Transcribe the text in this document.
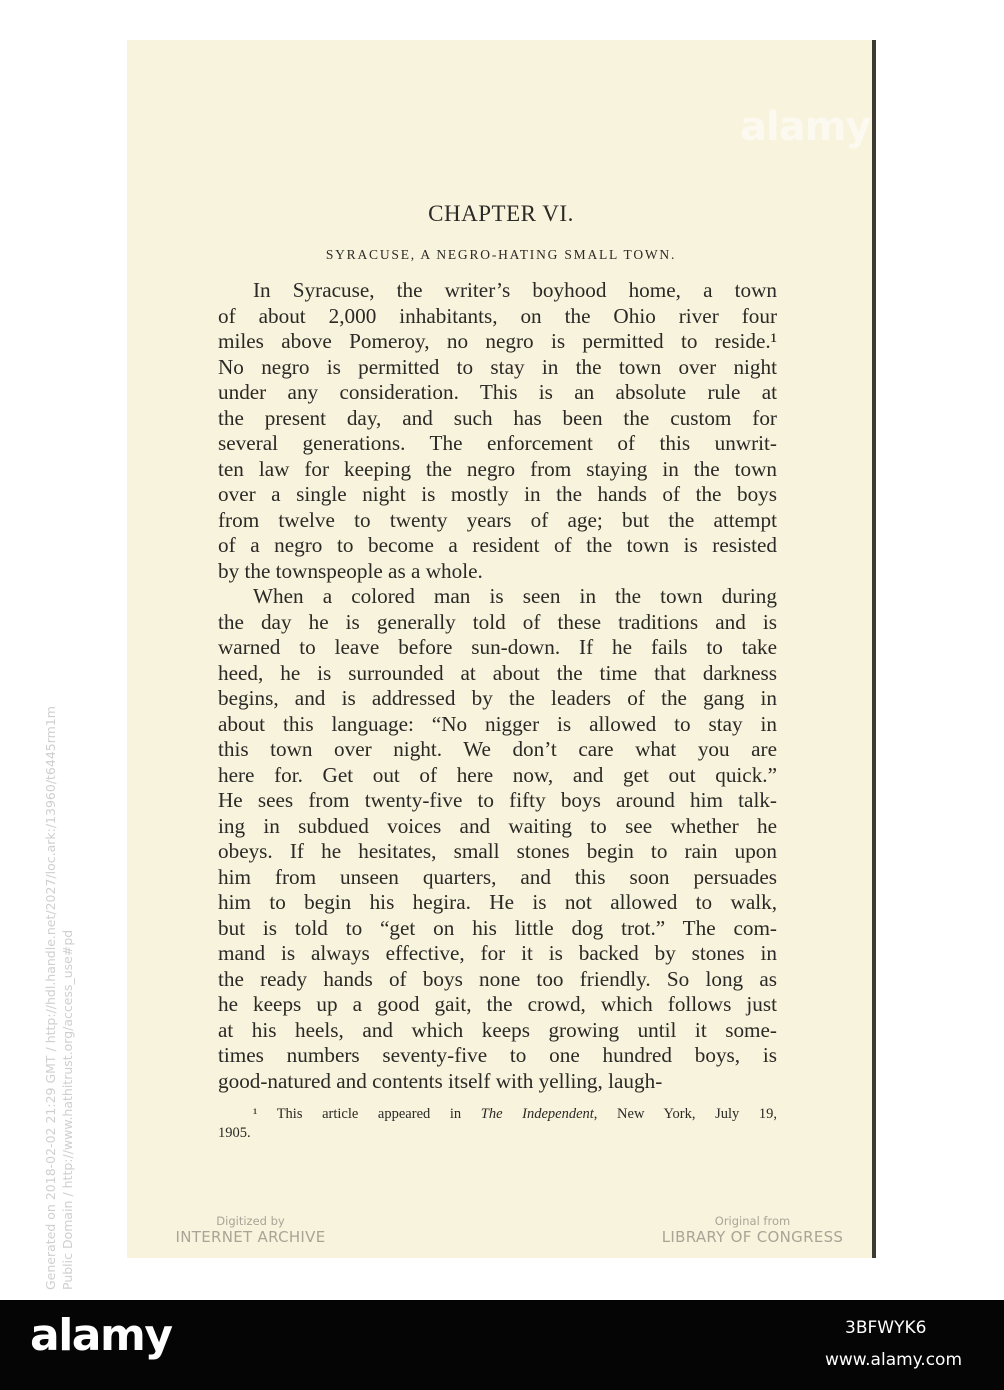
CHAPTER VI.
SYRACUSE, A NEGRO-HATING SMALL TOWN.
In Syracuse, the writer’s boyhood home, a town
of about 2,000 inhabitants, on the Ohio river four
miles above Pomeroy, no negro is permitted to reside.¹
No negro is permitted to stay in the town over night
under any consideration. This is an absolute rule at
the present day, and such has been the custom for
several generations. The enforcement of this unwrit-
ten law for keeping the negro from staying in the town
over a single night is mostly in the hands of the boys
from twelve to twenty years of age; but the attempt
of a negro to become a resident of the town is resisted
by the townspeople as a whole.
When a colored man is seen in the town during
the day he is generally told of these traditions and is
warned to leave before sun-down. If he fails to take
heed, he is surrounded at about the time that darkness
begins, and is addressed by the leaders of the gang in
about this language: “No nigger is allowed to stay in
this town over night. We don’t care what you are
here for. Get out of here now, and get out quick.”
He sees from twenty-five to fifty boys around him talk-
ing in subdued voices and waiting to see whether he
obeys. If he hesitates, small stones begin to rain upon
him from unseen quarters, and this soon persuades
him to begin his hegira. He is not allowed to walk,
but is told to “get on his little dog trot.” The com-
mand is always effective, for it is backed by stones in
the ready hands of boys none too friendly. So long as
he keeps up a good gait, the crowd, which follows just
at his heels, and which keeps growing until it some-
times numbers seventy-five to one hundred boys, is
good-natured and contents itself with yelling, laugh-
¹ This article appeared in The Independent, New York, July 19,
1905.
alamy
Digitized by
INTERNET ARCHIVE
Original from
LIBRARY OF CONGRESS
Generated on 2018-02-02 21:29 GMT / http://hdl.handle.net/2027/loc.ark:/13960/t6445rm1m Public Domain / http://www.hathitrust.org/access_use#pd
alamy	3BFWYK6
www.alamy.com
